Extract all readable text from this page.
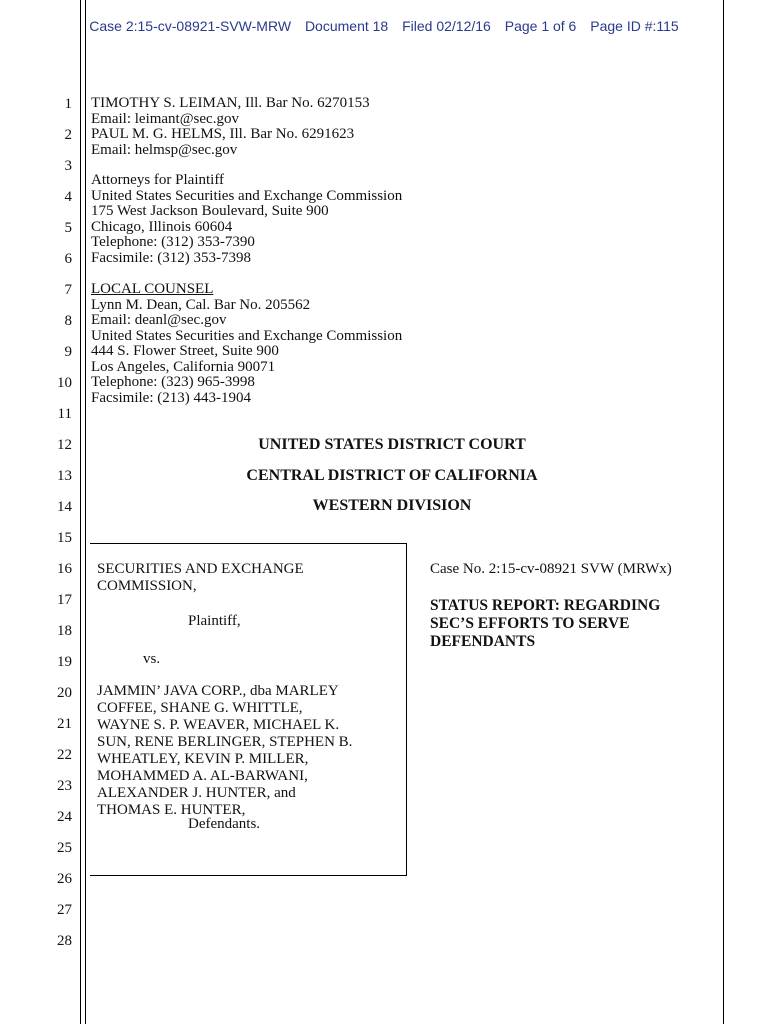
Case 2:15-cv-08921-SVW-MRW Document 18 Filed 02/12/16 Page 1 of 6 Page ID #:115
1
2
3
4
5
6
7
8
9
10
11
12
13
14
15
16
17
18
19
20
21
22
23
24
25
26
27
28
TIMOTHY S. LEIMAN, Ill. Bar No. 6270153
Email: leimant@sec.gov
PAUL M. G. HELMS, Ill. Bar No. 6291623
Email: helmsp@sec.gov
Attorneys for Plaintiff
United States Securities and Exchange Commission
175 West Jackson Boulevard, Suite 900
Chicago, Illinois 60604
Telephone: (312) 353-7390
Facsimile: (312) 353-7398
LOCAL COUNSEL
Lynn M. Dean, Cal. Bar No. 205562
Email: deanl@sec.gov
United States Securities and Exchange Commission
444 S. Flower Street, Suite 900
Los Angeles, California 90071
Telephone: (323) 965-3998
Facsimile: (213) 443-1904
UNITED STATES DISTRICT COURT
CENTRAL DISTRICT OF CALIFORNIA
WESTERN DIVISION
SECURITIES AND EXCHANGE
COMMISSION,
Plaintiff,
vs.
JAMMIN’ JAVA CORP., dba MARLEY
COFFEE, SHANE G. WHITTLE,
WAYNE S. P. WEAVER, MICHAEL K.
SUN, RENE BERLINGER, STEPHEN B.
WHEATLEY, KEVIN P. MILLER,
MOHAMMED A. AL-BARWANI,
ALEXANDER J. HUNTER, and
THOMAS E. HUNTER,
Defendants.
Case No. 2:15-cv-08921 SVW (MRWx)
STATUS REPORT: REGARDING
SEC’S EFFORTS TO SERVE
DEFENDANTS
